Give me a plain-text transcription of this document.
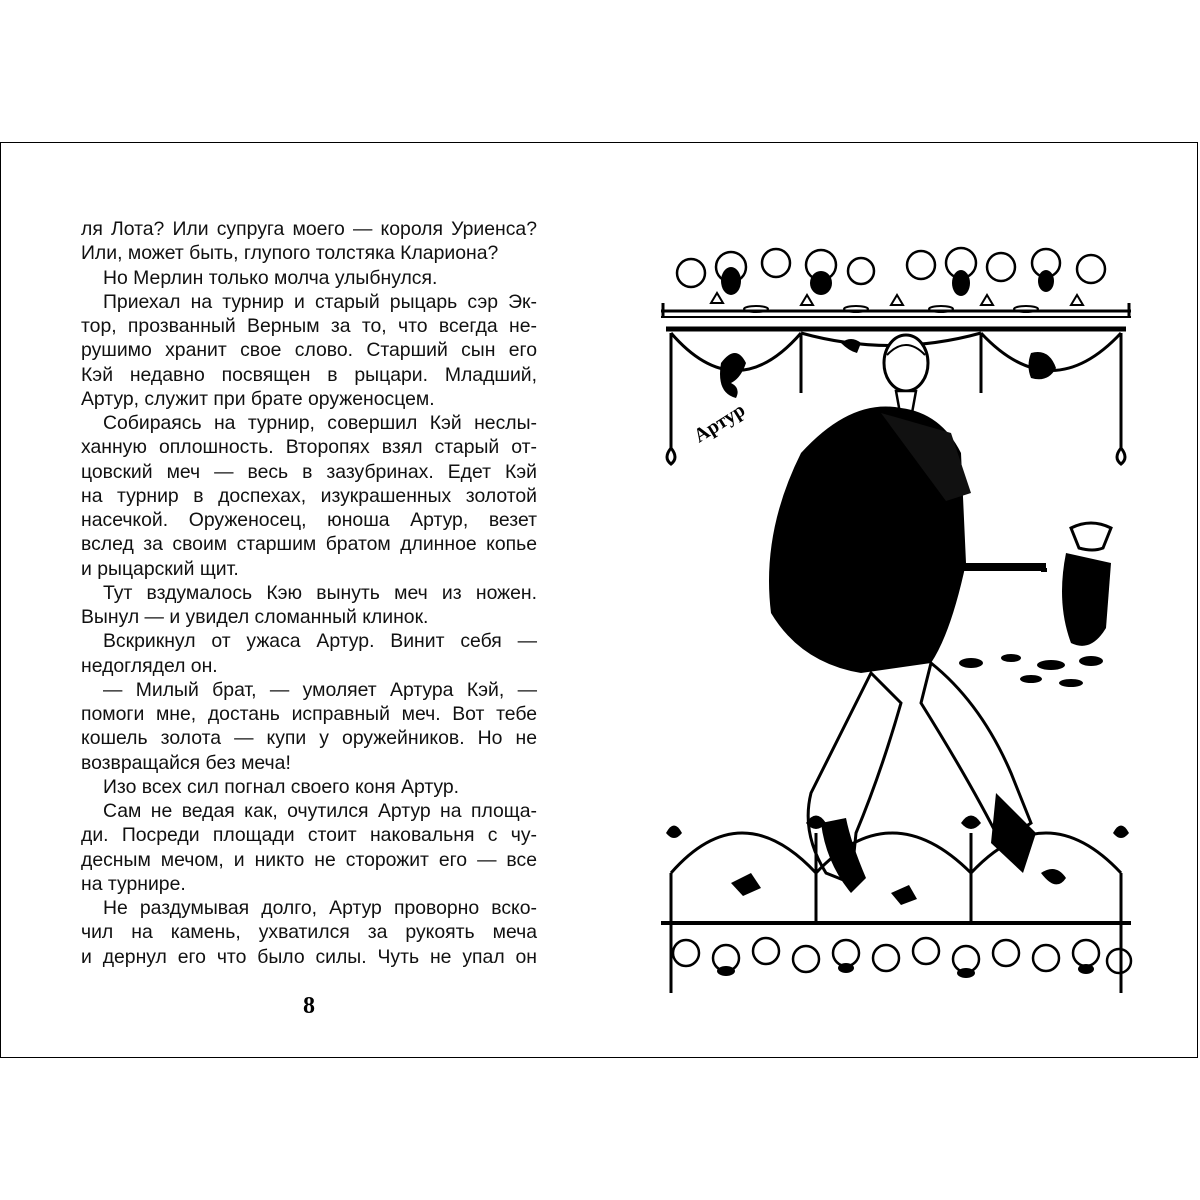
ля Лота? Или супруга моего — короля Уриенса?
Или, может быть, глупого толстяка Клариона?
Но Мерлин только молча улыбнулся.
Приехал на турнир и старый рыцарь сэр Эк-
тор, прозванный Верным за то, что всегда не-
рушимо хранит свое слово. Старший сын его
Кэй недавно посвящен в рыцари. Младший,
Артур, служит при брате оруженосцем.
Собираясь на турнир, совершил Кэй неслы-
ханную оплошность. Второпях взял старый от-
цовский меч — весь в зазубринах. Едет Кэй
на турнир в доспехах, изукрашенных золотой
насечкой. Оруженосец, юноша Артур, везет
вслед за своим старшим братом длинное копье
и рыцарский щит.
Тут вздумалось Кэю вынуть меч из ножен.
Вынул — и увидел сломанный клинок.
Вскрикнул от ужаса Артур. Винит себя —
недоглядел он.
— Милый брат, — умоляет Артура Кэй, —
помоги мне, достань исправный меч. Вот тебе
кошель золота — купи у оружейников. Но не
возвращайся без меча!
Изо всех сил погнал своего коня Артур.
Сам не ведая как, очутился Артур на площа-
ди. Посреди площади стоит наковальня с чу-
десным мечом, и никто не сторожит его — все
на турнире.
Не раздумывая долго, Артур проворно вско-
чил на камень, ухватился за рукоять меча
и дернул его что было силы. Чуть не упал он
8
Артур
